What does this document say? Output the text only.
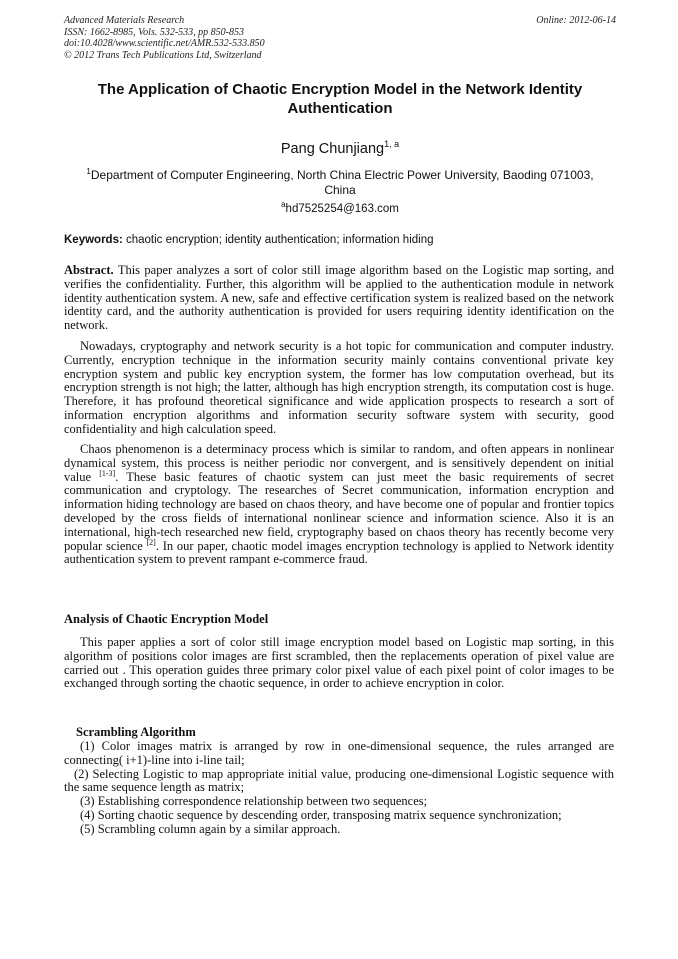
Advanced Materials Research
ISSN: 1662-8985, Vols. 532-533, pp 850-853
doi:10.4028/www.scientific.net/AMR.532-533.850
© 2012 Trans Tech Publications Ltd, Switzerland
Online: 2012-06-14
The Application of Chaotic Encryption Model in the Network Identity Authentication
Pang Chunjiang$^{1, a}$
$^1$Department of Computer Engineering, North China Electric Power University, Baoding 071003, China
$^a$hd7525254@163.com
Keywords: chaotic encryption; identity authentication; information hiding

Abstract. This paper analyzes a sort of color still image algorithm based on the Logistic map sorting, and verifies the confidentiality. Further, this algorithm will be applied to the authentication module in network identity authentication system. A new, safe and effective certification system is realized based on the network identity card, and the authority authentication is provided for users requiring identity identification on the network.

Nowadays, cryptography and network security is a hot topic for communication and computer industry. Currently, encryption technique in the information security mainly contains conventional private key encryption system and public key encryption system, the former has low computation overhead, but its encryption strength is not high; the latter, although has high encryption strength, its computation cost is huge. Therefore, it has profound theoretical significance and wide application prospects to research a sort of information encryption algorithms and information security software system with security, good confidentiality and high calculation speed.

Chaos phenomenon is a determinacy process which is similar to random, and often appears in nonlinear dynamical system, this process is neither periodic nor convergent, and is sensitively dependent on initial value [1-3]. These basic features of chaotic system can just meet the basic requirements of secret communication and cryptology. The researches of Secret communication, information encryption and information hiding technology are based on chaos theory, and have become one of popular and frontier topics developed by the cross fields of international nonlinear science and information science. Also it is an international, high-tech researched new field, cryptography based on chaos theory has recently become very popular science [2]. In our paper, chaotic model images encryption technology is applied to Network identity authentication system to prevent rampant e-commerce fraud.

Analysis of Chaotic Encryption Model

This paper applies a sort of color still image encryption model based on Logistic map sorting, in this algorithm of positions color images are first scrambled, then the replacements operation of pixel value are carried out . This operation guides three primary color pixel value of each pixel point of color images to be exchanged through sorting the chaotic sequence, in order to achieve encryption in color.

Scrambling Algorithm

(1) Color images matrix is arranged by row in one-dimensional sequence, the rules arranged are connecting( i+1)-line into i-line tail;

(2) Selecting Logistic to map appropriate initial value, producing one-dimensional Logistic sequence with the same sequence length as matrix;

(3) Establishing correspondence relationship between two sequences;

(4) Sorting chaotic sequence by descending order, transposing matrix sequence synchronization;

(5) Scrambling column again by a similar approach.
